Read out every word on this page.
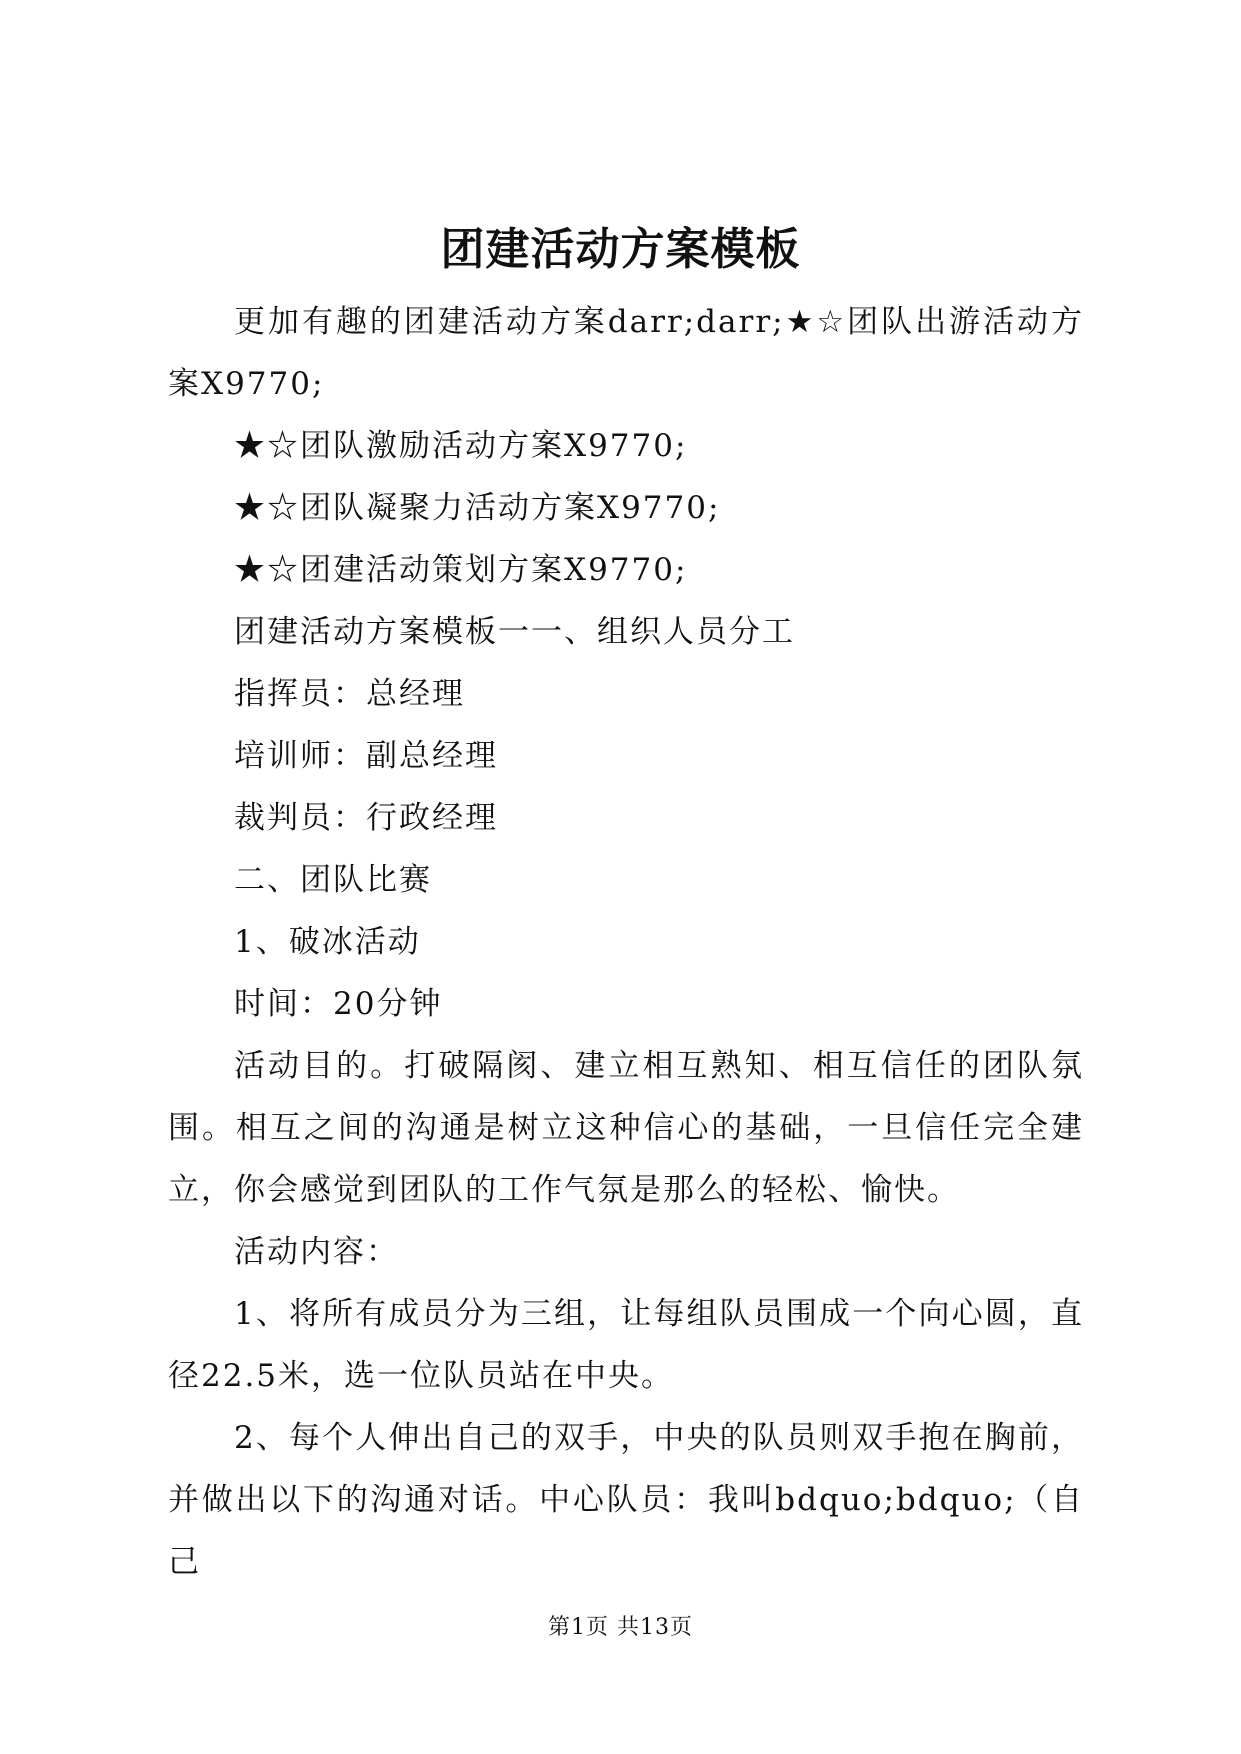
团建活动方案模板

更加有趣的团建活动方案darr;darr;★☆团队出游活动方案X9770;

★☆团队激励活动方案X9770;

★☆团队凝聚力活动方案X9770;

★☆团建活动策划方案X9770;

团建活动方案模板一一、组织人员分工

指挥员：总经理

培训师：副总经理

裁判员：行政经理

二、团队比赛

1、破冰活动

时间：20分钟

活动目的。打破隔阂、建立相互熟知、相互信任的团队氛围。相互之间的沟通是树立这种信心的基础，一旦信任完全建立，你会感觉到团队的工作气氛是那么的轻松、愉快。

活动内容：

1、将所有成员分为三组，让每组队员围成一个向心圆，直径22.5米，选一位队员站在中央。

2、每个人伸出自己的双手，中央的队员则双手抱在胸前，并做出以下的沟通对话。中心队员：我叫bdquo;bdquo;（自己

第1页 共13页
